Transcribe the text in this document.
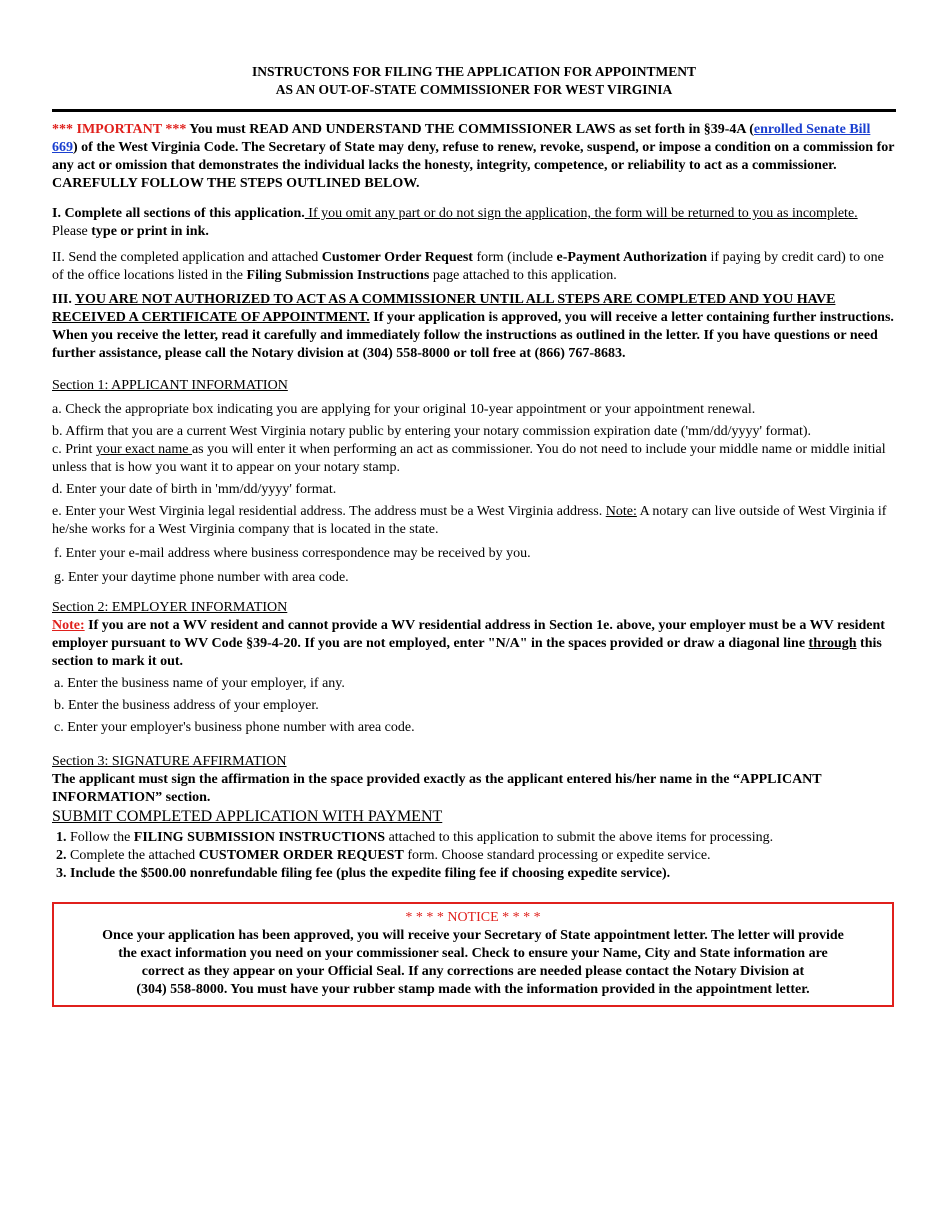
INSTRUCTONS FOR FILING THE APPLICATION FOR APPOINTMENT
AS AN OUT-OF-STATE COMMISSIONER FOR WEST VIRGINIA

*** IMPORTANT *** You must READ AND UNDERSTAND THE COMMISSIONER LAWS as set forth in §39-4A (enrolled Senate Bill 669) of the West Virginia Code. The Secretary of State may deny, refuse to renew, revoke, suspend, or impose a condition on a commission for any act or omission that demonstrates the individual lacks the honesty, integrity, competence, or reliability to act as a commissioner. CAREFULLY FOLLOW THE STEPS OUTLINED BELOW.

I. Complete all sections of this application. If you omit any part or do not sign the application, the form will be returned to you as incomplete. Please type or print in ink.

II. Send the completed application and attached Customer Order Request form (include e-Payment Authorization if paying by credit card) to one of the office locations listed in the Filing Submission Instructions page attached to this application.

III. YOU ARE NOT AUTHORIZED TO ACT AS A COMMISSIONER UNTIL ALL STEPS ARE COMPLETED AND YOU HAVE RECEIVED A CERTIFICATE OF APPOINTMENT. If your application is approved, you will receive a letter containing further instructions. When you receive the letter, read it carefully and immediately follow the instructions as outlined in the letter. If you have questions or need further assistance, please call the Notary division at (304) 558-8000 or toll free at (866) 767-8683.

Section 1: APPLICANT INFORMATION

a. Check the appropriate box indicating you are applying for your original 10-year appointment or your appointment renewal.

b. Affirm that you are a current West Virginia notary public by entering your notary commission expiration date ('mm/dd/yyyy' format).

c. Print your exact name as you will enter it when performing an act as commissioner. You do not need to include your middle name or middle initial unless that is how you want it to appear on your notary stamp.

d. Enter your date of birth in 'mm/dd/yyyy' format.

e. Enter your West Virginia legal residential address. The address must be a West Virginia address. Note: A notary can live outside of West Virginia if he/she works for a West Virginia company that is located in the state.

f. Enter your e-mail address where business correspondence may be received by you.

g. Enter your daytime phone number with area code.

Section 2: EMPLOYER INFORMATION

Note: If you are not a WV resident and cannot provide a WV residential address in Section 1e. above, your employer must be a WV resident employer pursuant to WV Code §39-4-20. If you are not employed, enter "N/A" in the spaces provided or draw a diagonal line through this section to mark it out.

a. Enter the business name of your employer, if any.

b. Enter the business address of your employer.

c. Enter your employer's business phone number with area code.

Section 3: SIGNATURE AFFIRMATION

The applicant must sign the affirmation in the space provided exactly as the applicant entered his/her name in the “APPLICANT INFORMATION” section.

SUBMIT COMPLETED APPLICATION WITH PAYMENT

1. Follow the FILING SUBMISSION INSTRUCTIONS attached to this application to submit the above items for processing.
2. Complete the attached CUSTOMER ORDER REQUEST form. Choose standard processing or expedite service.
3. Include the $500.00 nonrefundable filing fee (plus the expedite filing fee if choosing expedite service).
* * * * NOTICE * * * *
Once your application has been approved, you will receive your Secretary of State appointment letter. The letter will provide
the exact information you need on your commissioner seal. Check to ensure your Name, City and State information are
correct as they appear on your Official Seal. If any corrections are needed please contact the Notary Division at
(304) 558-8000. You must have your rubber stamp made with the information provided in the appointment letter.
